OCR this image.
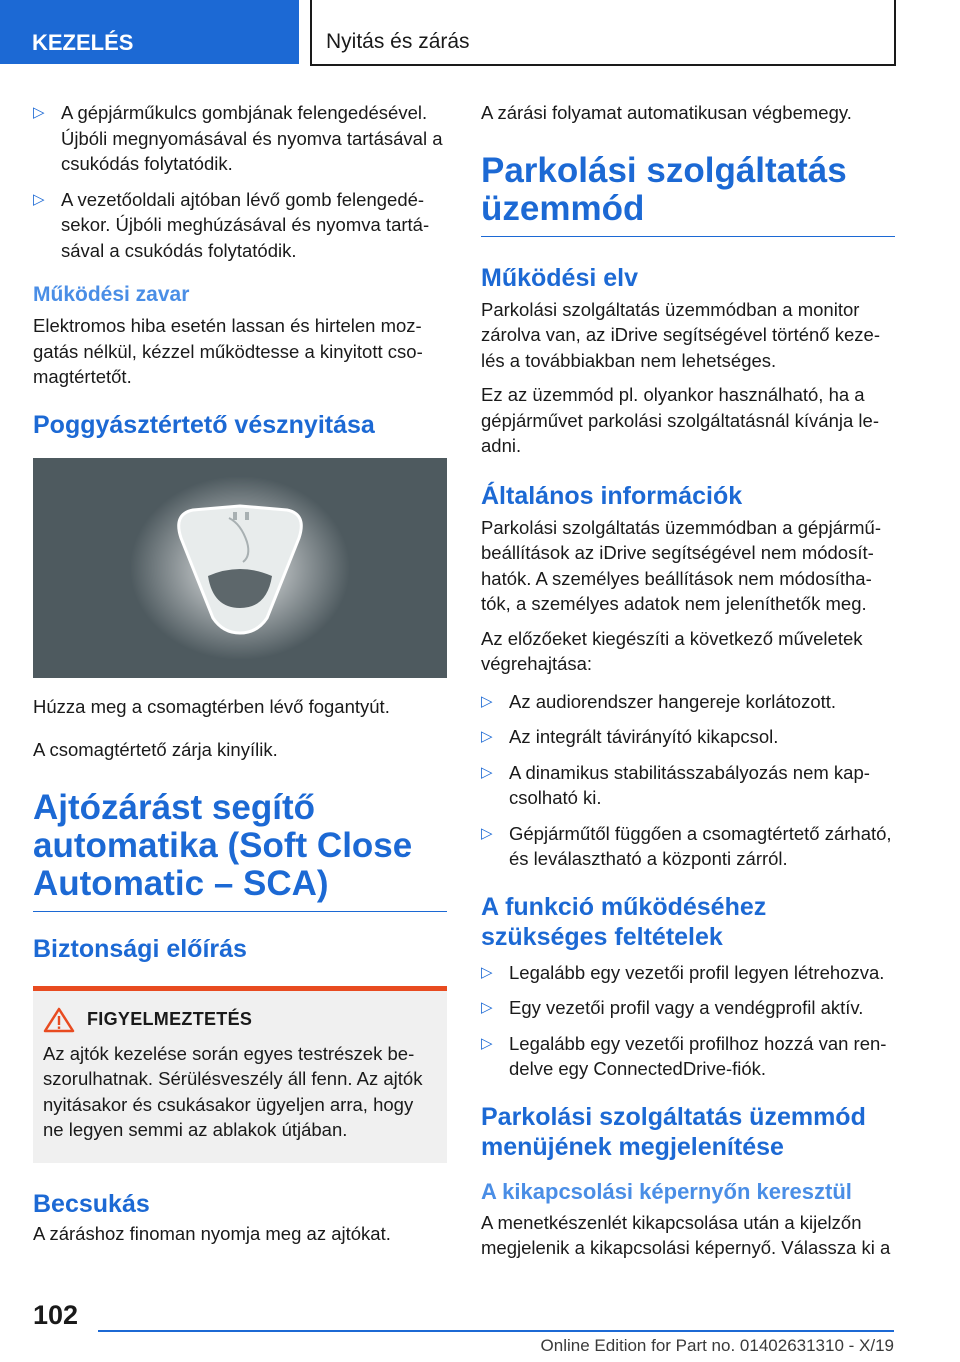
KEZELÉS	Nyitás és zárás
▷ A gépjárműkulcs gombjának felengedésével. Újbóli megnyomásával és nyomva tartásával a csukódás folytatódik.
▷ A vezetőoldali ajtóban lévő gomb felengedésekor. Újbóli meghúzásával és nyomva tartásával a csukódás folytatódik.
Működési zavar
Elektromos hiba esetén lassan és hirtelen mozgatás nélkül, kézzel működtesse a kinyitott csomagtértetőt.
Poggyásztértető vésznyitása
Húzza meg a csomagtérben lévő fogantyút.
A csomagtértető zárja kinyílik.
Ajtózárást segítő automatika (Soft Close Automatic – SCA)
Biztonsági előírás
FIGYELMEZTETÉS
Az ajtók kezelése során egyes testrészek beszorulhatnak. Sérülésveszély áll fenn. Az ajtók nyitásakor és csukásakor ügyeljen arra, hogy ne legyen semmi az ablakok útjában.
Becsukás
A záráshoz finoman nyomja meg az ajtókat.
A zárási folyamat automatikusan végbemegy.
Parkolási szolgáltatás üzemmód
Működési elv
Parkolási szolgáltatás üzemmódban a monitor zárolva van, az iDrive segítségével történő kezelés a továbbiakban nem lehetséges.
Ez az üzemmód pl. olyankor használható, ha a gépjárművet parkolási szolgáltatásnál kívánja leadni.
Általános információk
Parkolási szolgáltatás üzemmódban a gépjárműbeállítások az iDrive segítségével nem módosíthatók. A személyes beállítások nem módosíthatók, a személyes adatok nem jeleníthetők meg.
Az előzőeket kiegészíti a következő műveletek végrehajtása:
▷ Az audiorendszer hangereje korlátozott.
▷ Az integrált távirányító kikapcsol.
▷ A dinamikus stabilitásszabályozás nem kapcsolható ki.
▷ Gépjárműtől függően a csomagtértető zárható, és leválasztható a központi zárról.
A funkció működéséhez szükséges feltételek
▷ Legalább egy vezetői profil legyen létrehozva.
▷ Egy vezetői profil vagy a vendégprofil aktív.
▷ Legalább egy vezetői profilhoz hozzá van rendelve egy ConnectedDrive-fiók.
Parkolási szolgáltatás üzemmód menüjének megjelenítése
A kikapcsolási képernyőn keresztül
A menetkészenlét kikapcsolása után a kijelzőn megjelenik a kikapcsolási képernyő. Válassza ki a
102
Online Edition for Part no. 01402631310 - X/19
